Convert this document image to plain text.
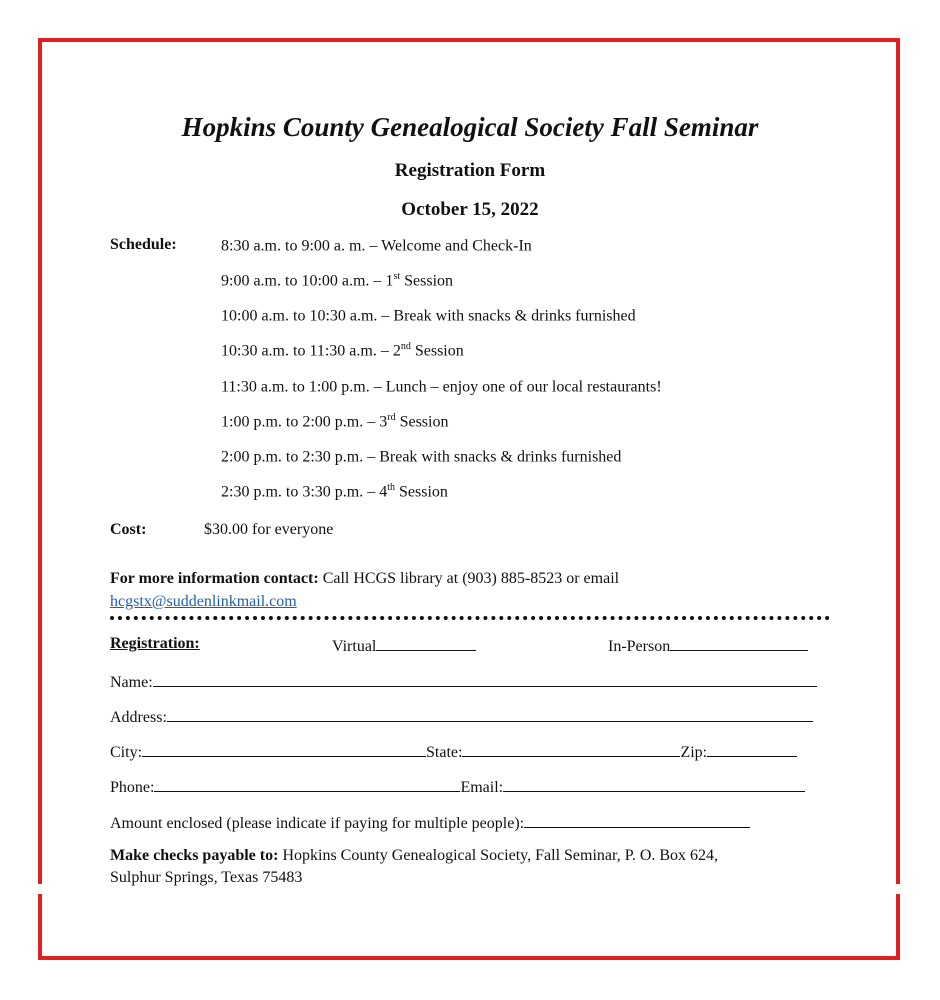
Hopkins County Genealogical Society Fall Seminar
Registration Form
October 15, 2022
Schedule:	8:30 a.m. to 9:00 a. m. – Welcome and Check-In
9:00 a.m. to 10:00 a.m. – 1st Session
10:00 a.m. to 10:30 a.m. – Break with snacks & drinks furnished
10:30 a.m. to 11:30 a.m. – 2nd Session
11:30 a.m. to 1:00 p.m. – Lunch – enjoy one of our local restaurants!
1:00 p.m. to 2:00 p.m. – 3rd Session
2:00 p.m. to 2:30 p.m. – Break with snacks & drinks furnished
2:30 p.m. to 3:30 p.m. – 4th Session
Cost:	$30.00 for everyone
For more information contact: Call HCGS library at (903) 885-8523 or email
hcgstx@suddenlinkmail.com
Registration:	Virtual	In-Person
Name:
Address:
City:	State:	Zip:
Phone:	Email:
Amount enclosed (please indicate if paying for multiple people):
Make checks payable to: Hopkins County Genealogical Society, Fall Seminar, P. O. Box 624,
Sulphur Springs, Texas 75483
